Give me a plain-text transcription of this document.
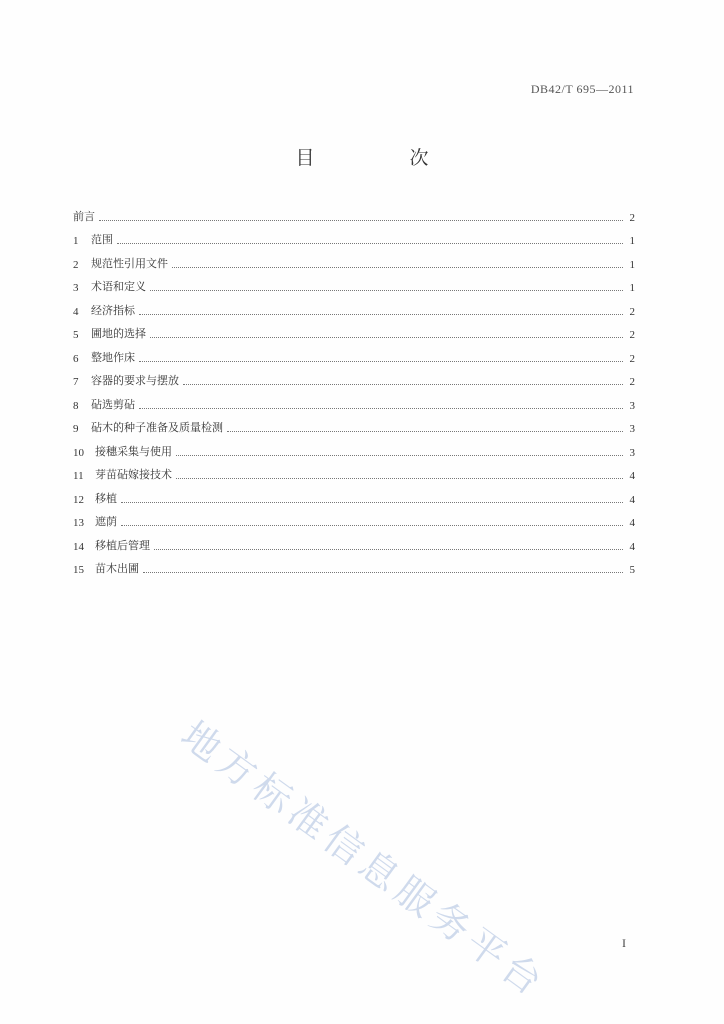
DB42/T 695—2011
目　次
前言	2
1	范围	1
2	规范性引用文件	1
3	术语和定义	1
4	经济指标	2
5	圃地的选择	2
6	整地作床	2
7	容器的要求与摆放	2
8	砧选剪砧	3
9	砧木的种子准备及质量检测	3
10	接穗采集与使用	3
11	芽苗砧嫁接技术	4
12	移植	4
13	遮荫	4
14	移植后管理	4
15	苗木出圃	5
地方标准信息服务平台	I
